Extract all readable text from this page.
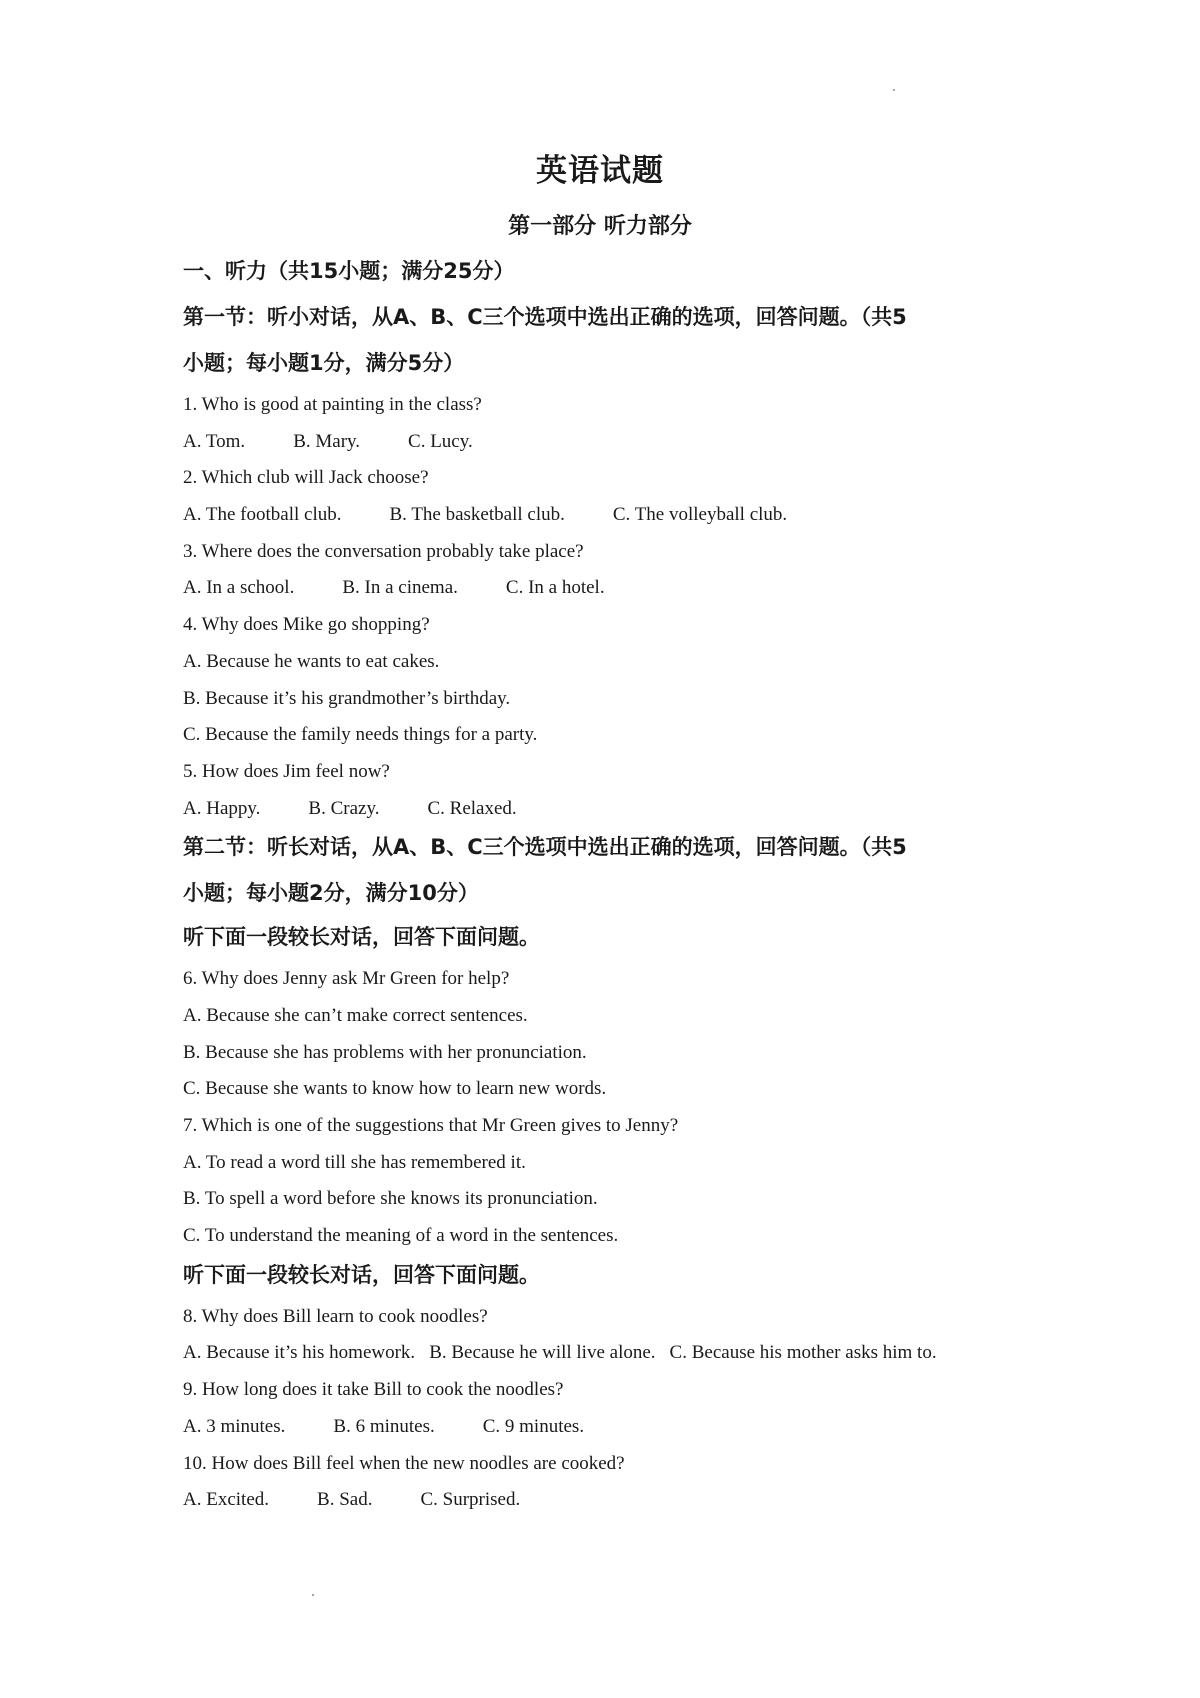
英语试题
第一部分 听力部分
一、听力（共15小题；满分25分）
第一节：听小对话，从A、B、C三个选项中选出正确的选项，回答问题。（共5
小题；每小题1分，满分5分）
1. Who is good at painting in the class?
A. Tom.	B. Mary.	C. Lucy.
2. Which club will Jack choose?
A. The football club.	B. The basketball club.	C. The volleyball club.
3. Where does the conversation probably take place?
A. In a school.	B. In a cinema.	C. In a hotel.
4. Why does Mike go shopping?
A. Because he wants to eat cakes.
B. Because it’s his grandmother’s birthday.
C. Because the family needs things for a party.
5. How does Jim feel now?
A. Happy.	B. Crazy.	C. Relaxed.
第二节：听长对话，从A、B、C三个选项中选出正确的选项，回答问题。（共5
小题；每小题2分，满分10分）
听下面一段较长对话，回答下面问题。
6. Why does Jenny ask Mr Green for help?
A. Because she can’t make correct sentences.
B. Because she has problems with her pronunciation.
C. Because she wants to know how to learn new words.
7. Which is one of the suggestions that Mr Green gives to Jenny?
A. To read a word till she has remembered it.
B. To spell a word before she knows its pronunciation.
C. To understand the meaning of a word in the sentences.
听下面一段较长对话，回答下面问题。
8. Why does Bill learn to cook noodles?
A. Because it’s his homework. B. Because he will live alone. C. Because his mother asks him to.
9. How long does it take Bill to cook the noodles?
A. 3 minutes.	B. 6 minutes.	C. 9 minutes.
10. How does Bill feel when the new noodles are cooked?
A. Excited.	B. Sad.	C. Surprised.
